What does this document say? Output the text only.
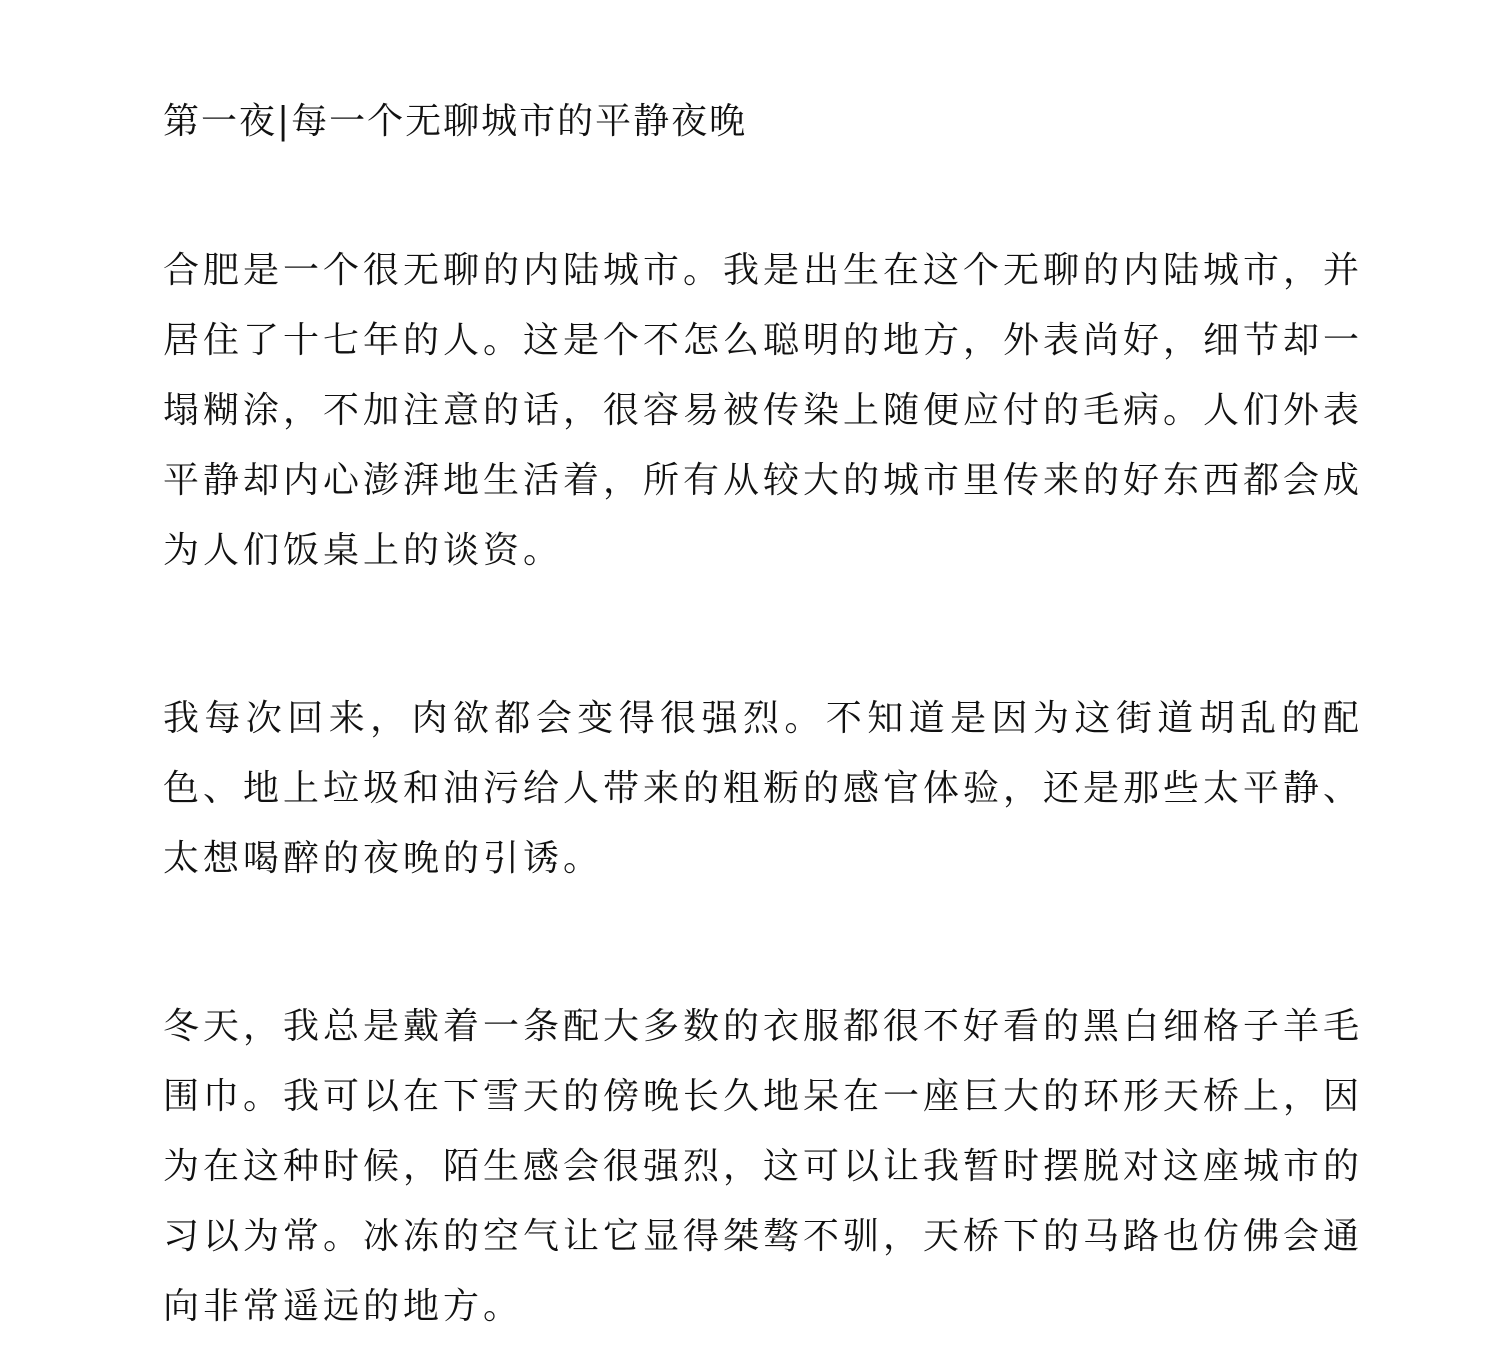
第一夜|每一个无聊城市的平静夜晚

合肥是一个很无聊的内陆城市。我是出生在这个无聊的内陆城市，并居住了十七年的人。这是个不怎么聪明的地方，外表尚好，细节却一塌糊涂，不加注意的话，很容易被传染上随便应付的毛病。人们外表平静却内心澎湃地生活着，所有从较大的城市里传来的好东西都会成为人们饭桌上的谈资。

我每次回来，肉欲都会变得很强烈。不知道是因为这街道胡乱的配色、地上垃圾和油污给人带来的粗粝的感官体验，还是那些太平静、太想喝醉的夜晚的引诱。

冬天，我总是戴着一条配大多数的衣服都很不好看的黑白细格子羊毛围巾。我可以在下雪天的傍晚长久地呆在一座巨大的环形天桥上，因为在这种时候，陌生感会很强烈，这可以让我暂时摆脱对这座城市的习以为常。冰冻的空气让它显得桀骜不驯，天桥下的马路也仿佛会通向非常遥远的地方。
